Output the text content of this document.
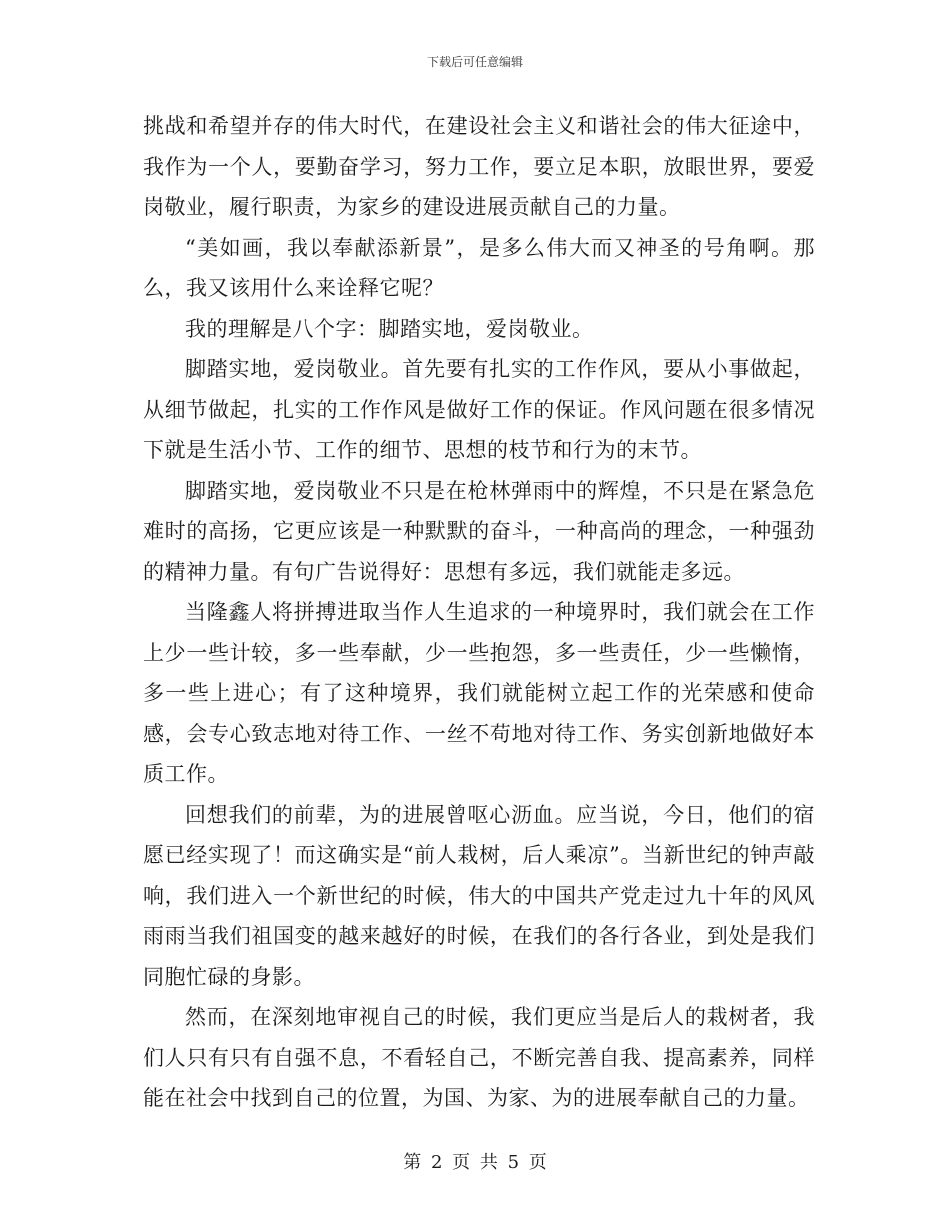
下载后可任意编辑

挑战和希望并存的伟大时代，在建设社会主义和谐社会的伟大征途中，我作为一个人，要勤奋学习，努力工作，要立足本职，放眼世界，要爱岗敬业，履行职责，为家乡的建设进展贡献自己的力量。

“美如画，我以奉献添新景”，是多么伟大而又神圣的号角啊。那么，我又该用什么来诠释它呢？

我的理解是八个字：脚踏实地，爱岗敬业。

脚踏实地，爱岗敬业。首先要有扎实的工作作风，要从小事做起，从细节做起，扎实的工作作风是做好工作的保证。作风问题在很多情况下就是生活小节、工作的细节、思想的枝节和行为的末节。

脚踏实地，爱岗敬业不只是在枪林弹雨中的辉煌，不只是在紧急危难时的高扬，它更应该是一种默默的奋斗，一种高尚的理念，一种强劲的精神力量。有句广告说得好：思想有多远，我们就能走多远。

当隆鑫人将拼搏进取当作人生追求的一种境界时，我们就会在工作上少一些计较，多一些奉献，少一些抱怨，多一些责任，少一些懒惰，多一些上进心；有了这种境界，我们就能树立起工作的光荣感和使命感，会专心致志地对待工作、一丝不苟地对待工作、务实创新地做好本质工作。

回想我们的前辈，为的进展曾呕心沥血。应当说，今日，他们的宿愿已经实现了！而这确实是“前人栽树，后人乘凉”。当新世纪的钟声敲响，我们进入一个新世纪的时候，伟大的中国共产党走过九十年的风风雨雨当我们祖国变的越来越好的时候，在我们的各行各业，到处是我们同胞忙碌的身影。

然而，在深刻地审视自己的时候，我们更应当是后人的栽树者，我们人只有只有自强不息，不看轻自己，不断完善自我、提高素养，同样能在社会中找到自己的位置，为国、为家、为的进展奉献自己的力量。

第 2 页 共 5 页
